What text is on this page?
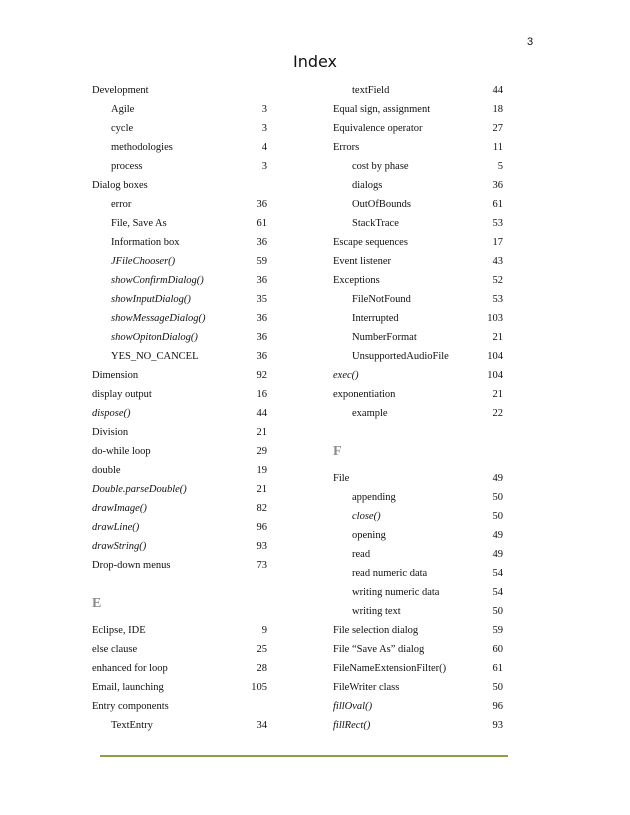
3
Index
Development
Agile	3
cycle	3
methodologies	4
process	3
Dialog boxes
error	36
File, Save As	61
Information box	36
JFileChooser()	59
showConfirmDialog()	36
showInputDialog()	35
showMessageDialog()	36
showOpitonDialog()	36
YES_NO_CANCEL	36
Dimension	92
display output	16
dispose()	44
Division	21
do-while loop	29
double	19
Double.parseDouble()	21
drawImage()	82
drawLine()	96
drawString()	93
Drop-down menus	73
E
Eclipse, IDE	9
else clause	25
enhanced for loop	28
Email, launching	105
Entry components
TextEntry	34
textField	44
Equal sign, assignment	18
Equivalence operator	27
Errors	11
cost by phase	5
dialogs	36
OutOfBounds	61
StackTrace	53
Escape sequences	17
Event listener	43
Exceptions	52
FileNotFound	53
Interrupted	103
NumberFormat	21
UnsupportedAudioFile	104
exec()	104
exponentiation	21
example	22
F
File	49
appending	50
close()	50
opening	49
read	49
read numeric data	54
writing numeric data	54
writing text	50
File selection dialog	59
File “Save As” dialog	60
FileNameExtensionFilter()	61
FileWriter class	50
fillOval()	96
fillRect()	93
